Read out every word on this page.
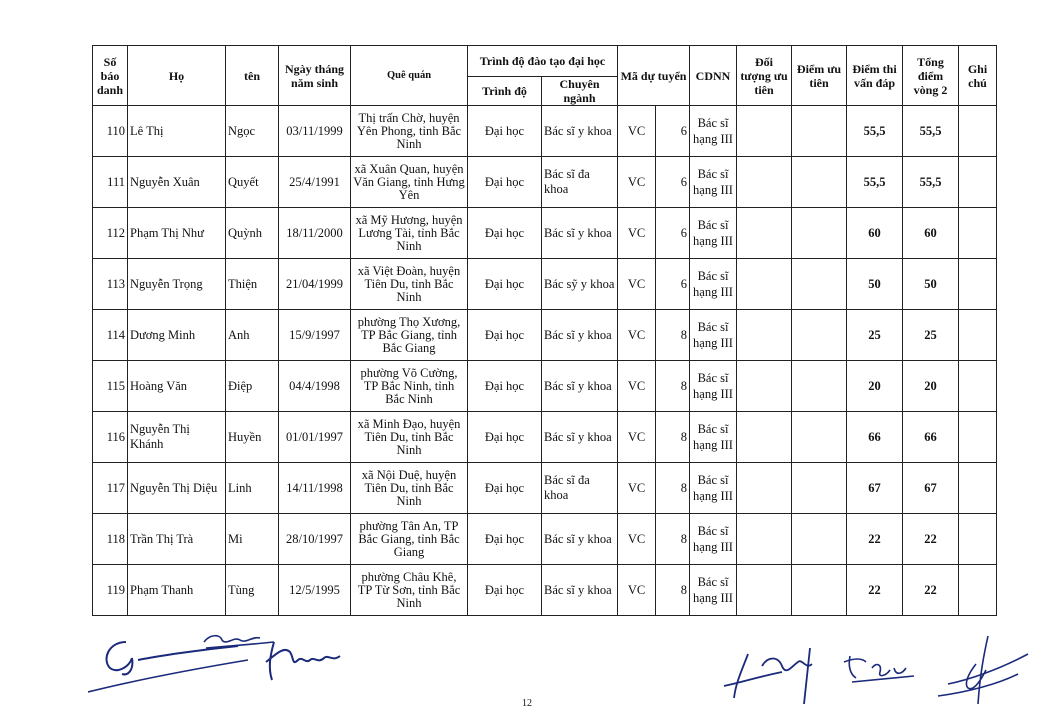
Số báo danh	Họ	tên	Ngày tháng năm sinh	Quê quán	Trình độ đào tạo đại học		Mã dự tuyển		CDNN	Đối tượng ưu tiên	Điểm ưu tiên	Điểm thi vấn đáp	Tổng điểm vòng 2	Ghi chú
					Trình độ	Chuyên ngành								
110	Lê Thị	Ngọc	03/11/1999	Thị trấn Chờ, huyện Yên Phong, tỉnh Bắc Ninh	Đại học	Bác sĩ y khoa	VC	6	Bác sĩ hạng III			55,5	55,5	
111	Nguyễn Xuân	Quyết	25/4/1991	xã Xuân Quan, huyện Văn Giang, tỉnh Hưng Yên	Đại học	Bác sĩ đa khoa	VC	6	Bác sĩ hạng III			55,5	55,5	
112	Phạm Thị Như	Quỳnh	18/11/2000	xã Mỹ Hương, huyện Lương Tài, tỉnh Bắc Ninh	Đại học	Bác sĩ y khoa	VC	6	Bác sĩ hạng III			60	60	
113	Nguyễn Trọng	Thiện	21/04/1999	xã Việt Đoàn, huyện Tiên Du, tỉnh Bắc Ninh	Đại học	Bác sỹ y khoa	VC	6	Bác sĩ hạng III			50	50	
114	Dương Minh	Anh	15/9/1997	phường Thọ Xương, TP Bắc Giang, tỉnh Bắc Giang	Đại học	Bác sĩ y khoa	VC	8	Bác sĩ hạng III			25	25	
115	Hoàng Văn	Điệp	04/4/1998	phường Võ Cường, TP Bắc Ninh, tỉnh Bắc Ninh	Đại học	Bác sĩ y khoa	VC	8	Bác sĩ hạng III			20	20	
116	Nguyễn Thị Khánh	Huyền	01/01/1997	xã Minh Đạo, huyện Tiên Du, tỉnh Bắc Ninh	Đại học	Bác sĩ y khoa	VC	8	Bác sĩ hạng III			66	66	
117	Nguyễn Thị Diệu	Linh	14/11/1998	xã Nội Duệ, huyện Tiên Du, tỉnh Bắc Ninh	Đại học	Bác sĩ đa khoa	VC	8	Bác sĩ hạng III			67	67	
118	Trần Thị Trà	Mi	28/10/1997	phường Tân An, TP Bắc Giang, tỉnh Bắc Giang	Đại học	Bác sĩ y khoa	VC	8	Bác sĩ hạng III			22	22	
119	Phạm Thanh	Tùng	12/5/1995	phường Châu Khê, TP Từ Sơn, tỉnh Bắc Ninh	Đại học	Bác sĩ y khoa	VC	8	Bác sĩ hạng III			22	22	
12
